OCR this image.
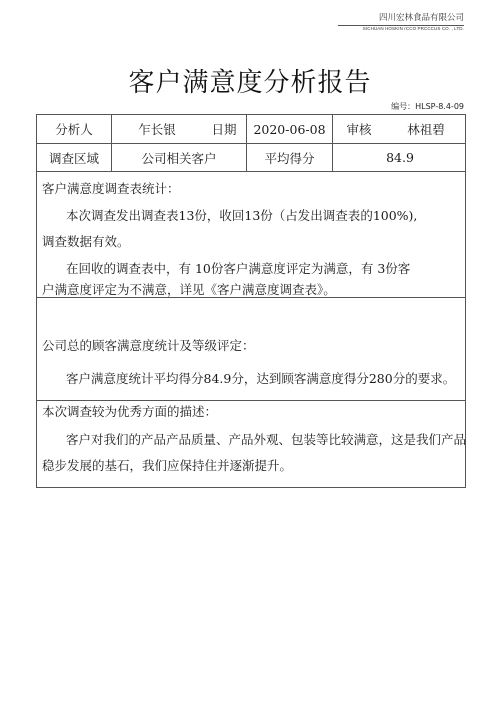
四川宏林食品有限公司
SICHUAN HOSKIN rCCO PRCCCUS CO. , LTD.
客户满意度分析报告
编号：HLSP-8.4-09
分析人	乍长银	日期	2020-06-08	审核	林祖碧
调查区域	公司相关客户	平均得分	84.9
客户满意度调查表统计：
本次调查发出调查表13份，收回13份（占发出调查表的100%),
调查数据有效。
在回收的调查表中，有 10份客户满意度评定为满意，有 3份客
户满意度评定为不满意，详见《客户满意度调查表》。
公司总的顾客满意度统计及等级评定：
客户满意度统计平均得分84.9分，达到顾客满意度得分280分的要求。
本次调查较为优秀方面的描述：
客户对我们的产品产品质量、产品外观、包装等比较满意，这是我们产品
稳步发展的基石，我们应保持住并逐渐提升。
